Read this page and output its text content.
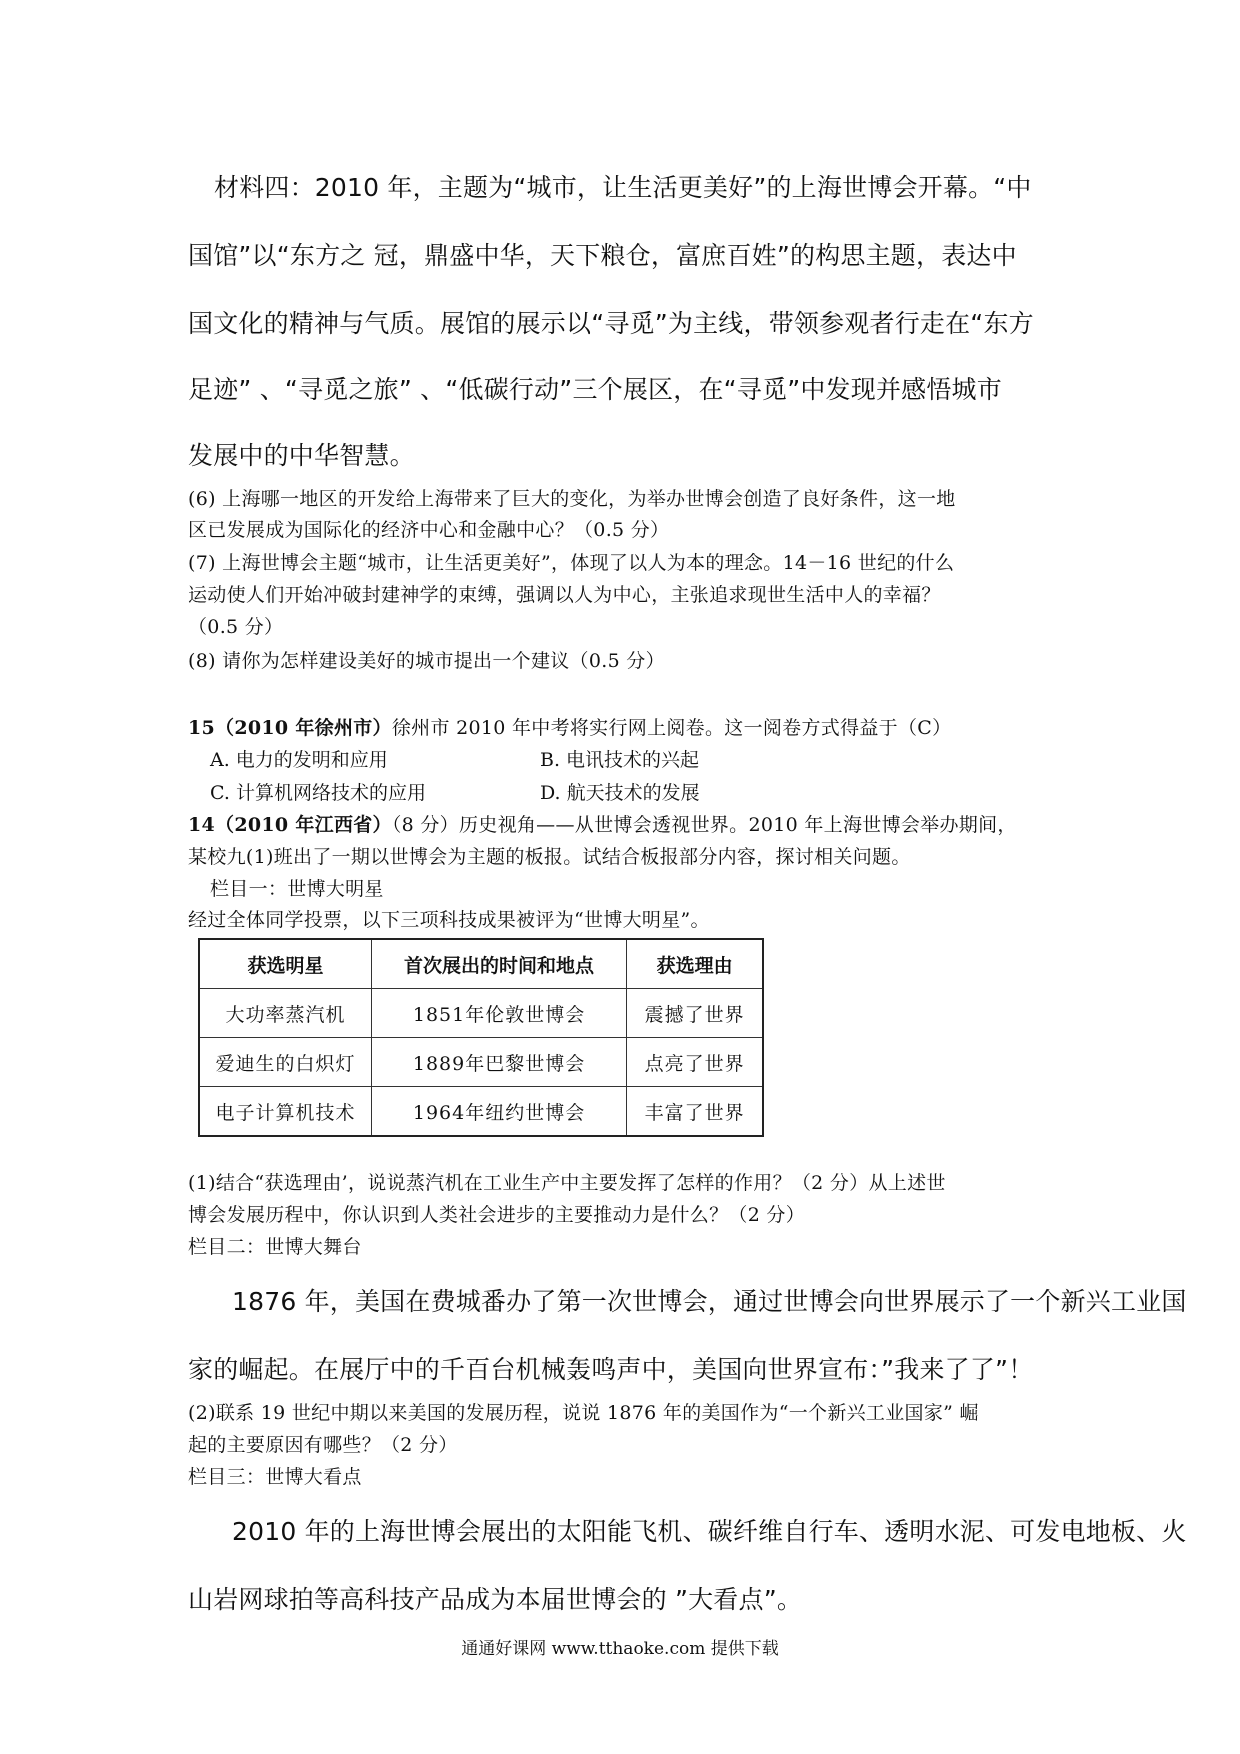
材料四：2010 年，主题为“城市，让生活更美好”的上海世博会开幕。“中
国馆”以“东方之 冠，鼎盛中华，天下粮仓，富庶百姓”的构思主题，表达中
国文化的精神与气质。展馆的展示以“寻觅”为主线，带领参观者行走在“东方
足迹” 、“寻觅之旅” 、“低碳行动”三个展区，在“寻觅”中发现并感悟城市
发展中的中华智慧。
(6) 上海哪一地区的开发给上海带来了巨大的变化，为举办世博会创造了良好条件，这一地
区已发展成为国际化的经济中心和金融中心？（0.5 分）
(7) 上海世博会主题“城市，让生活更美好”，体现了以人为本的理念。14－16 世纪的什么
运动使人们开始冲破封建神学的束缚，强调以人为中心，主张追求现世生活中人的幸福？
（0.5 分）
(8) 请你为怎样建设美好的城市提出一个建议（0.5 分）
15（2010 年徐州市）徐州市 2010 年中考将实行网上阅卷。这一阅卷方式得益于（C）
A. 电力的发明和应用	B. 电讯技术的兴起
C. 计算机网络技术的应用	D. 航天技术的发展
14（2010 年江西省）（8 分）历史视角——从世博会透视世界。2010 年上海世博会举办期间，
某校九(1)班出了一期以世博会为主题的板报。试结合板报部分内容，探讨相关问题。
栏目一：世博大明星
经过全体同学投票，以下三项科技成果被评为“世博大明星”。
获选明星	首次展出的时间和地点	获选理由
大功率蒸汽机	1851年伦敦世博会	震撼了世界
爱迪生的白炽灯	1889年巴黎世博会	点亮了世界
电子计算机技术	1964年纽约世博会	丰富了世界
(1)结合“获选理由’，说说蒸汽机在工业生产中主要发挥了怎样的作用？（2 分）从上述世
博会发展历程中，你认识到人类社会进步的主要推动力是什么？（2 分）
栏目二：世博大舞台
1876 年，美国在费城番办了第一次世博会，通过世博会向世界展示了一个新兴工业国
家的崛起。在展厅中的千百台机械轰鸣声中，美国向世界宣布：”我来了了”！
(2)联系 19 世纪中期以来美国的发展历程，说说 1876 年的美国作为“一个新兴工业国家” 崛
起的主要原因有哪些？（2 分）
栏目三：世博大看点
2010 年的上海世博会展出的太阳能飞机、碳纤维自行车、透明水泥、可发电地板、火
山岩网球拍等高科技产品成为本届世博会的 ”大看点”。
通通好课网 www.tthaoke.com 提供下载
